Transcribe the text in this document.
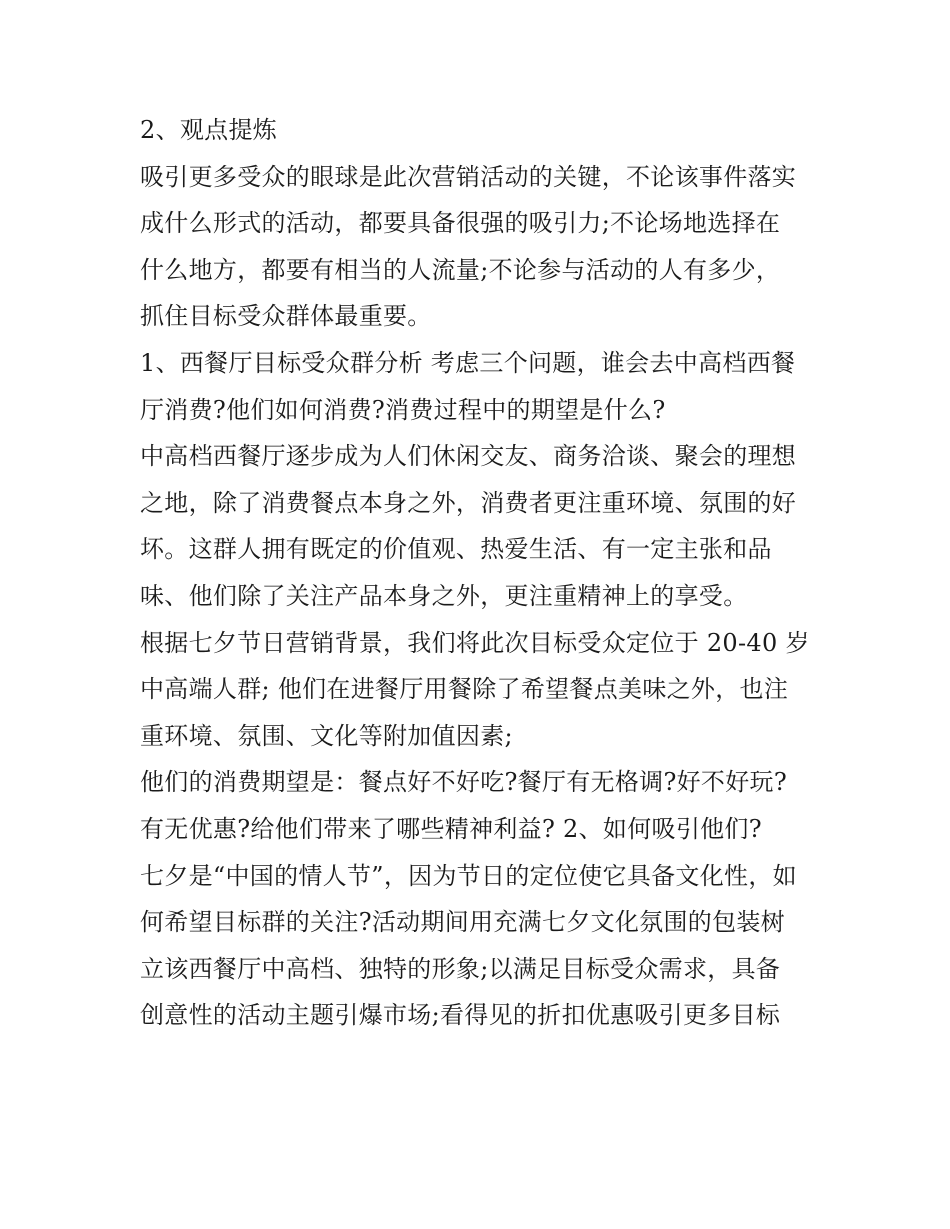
2、观点提炼
吸引更多受众的眼球是此次营销活动的关键，不论该事件落实
成什么形式的活动，都要具备很强的吸引力;不论场地选择在
什么地方，都要有相当的人流量;不论参与活动的人有多少，
抓住目标受众群体最重要。
1、西餐厅目标受众群分析 考虑三个问题，谁会去中高档西餐
厅消费?他们如何消费?消费过程中的期望是什么?
中高档西餐厅逐步成为人们休闲交友、商务洽谈、聚会的理想
之地，除了消费餐点本身之外，消费者更注重环境、氛围的好
坏。这群人拥有既定的价值观、热爱生活、有一定主张和品
味、他们除了关注产品本身之外，更注重精神上的享受。
根据七夕节日营销背景，我们将此次目标受众定位于 20-40 岁
中高端人群; 他们在进餐厅用餐除了希望餐点美味之外，也注
重环境、氛围、文化等附加值因素;
他们的消费期望是：餐点好不好吃?餐厅有无格调?好不好玩?
有无优惠?给他们带来了哪些精神利益? 2、如何吸引他们?
七夕是“中国的情人节”，因为节日的定位使它具备文化性，如
何希望目标群的关注?活动期间用充满七夕文化氛围的包装树
立该西餐厅中高档、独特的形象;以满足目标受众需求，具备
创意性的活动主题引爆市场;看得见的折扣优惠吸引更多目标
